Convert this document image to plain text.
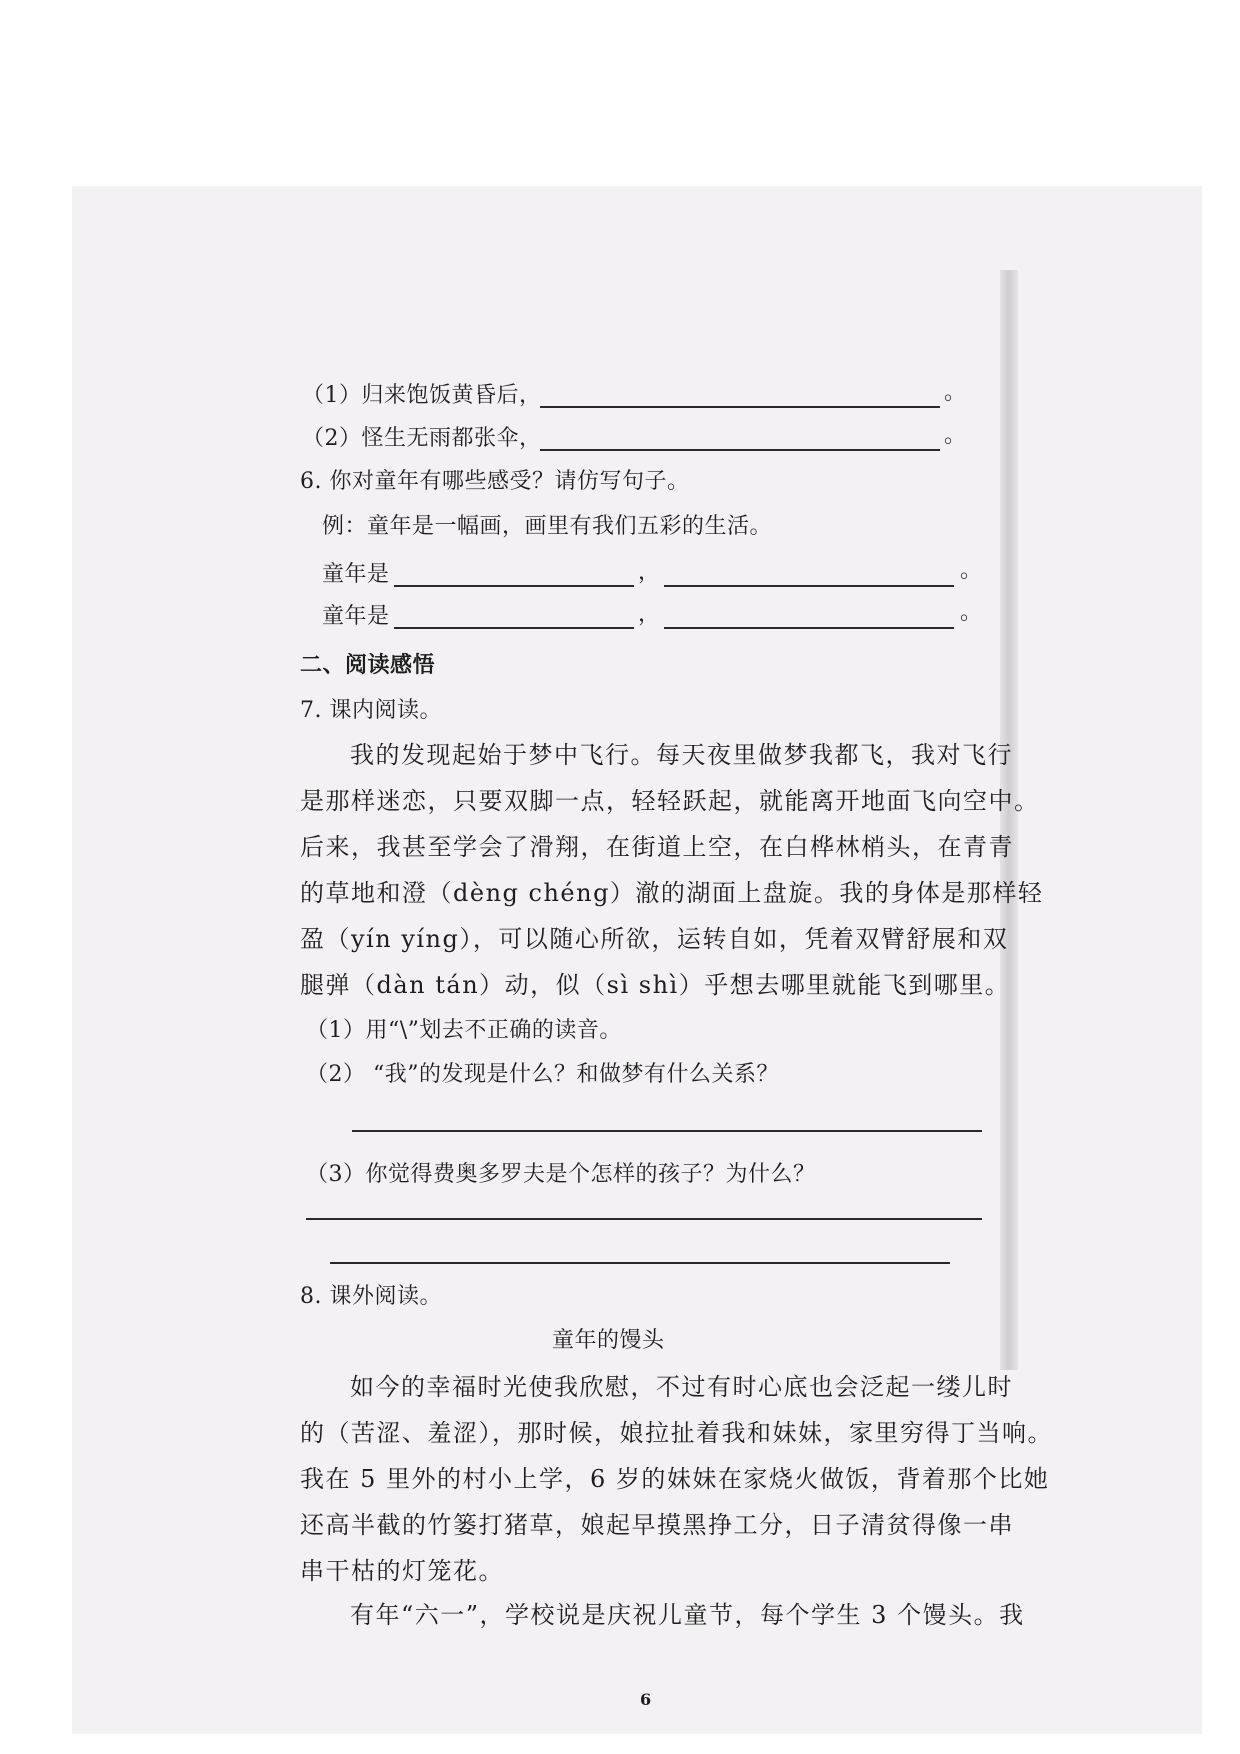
（1）归来饱饭黄昏后，	。
（2）怪生无雨都张伞，	。
6. 你对童年有哪些感受？请仿写句子。
例：童年是一幅画，画里有我们五彩的生活。
童年是	，	。
童年是	，	。
二、阅读感悟
7. 课内阅读。
我的发现起始于梦中飞行。每天夜里做梦我都飞，我对飞行
是那样迷恋，只要双脚一点，轻轻跃起，就能离开地面飞向空中。
后来，我甚至学会了滑翔，在街道上空，在白桦林梢头，在青青
的草地和澄（dèng chéng）澈的湖面上盘旋。我的身体是那样轻
盈（yín yíng），可以随心所欲，运转自如，凭着双臂舒展和双
腿弹（dàn tán）动，似（sì shì）乎想去哪里就能飞到哪里。
（1）用“\”划去不正确的读音。
（2） “我”的发现是什么？和做梦有什么关系？
（3）你觉得费奥多罗夫是个怎样的孩子？为什么？
8. 课外阅读。
童年的馒头
如今的幸福时光使我欣慰，不过有时心底也会泛起一缕儿时
的（苦涩、羞涩），那时候，娘拉扯着我和妹妹，家里穷得丁当响。
我在 5 里外的村小上学，6 岁的妹妹在家烧火做饭，背着那个比她
还高半截的竹篓打猪草，娘起早摸黑挣工分，日子清贫得像一串
串干枯的灯笼花。
有年“六一”，学校说是庆祝儿童节，每个学生 3 个馒头。我
6
